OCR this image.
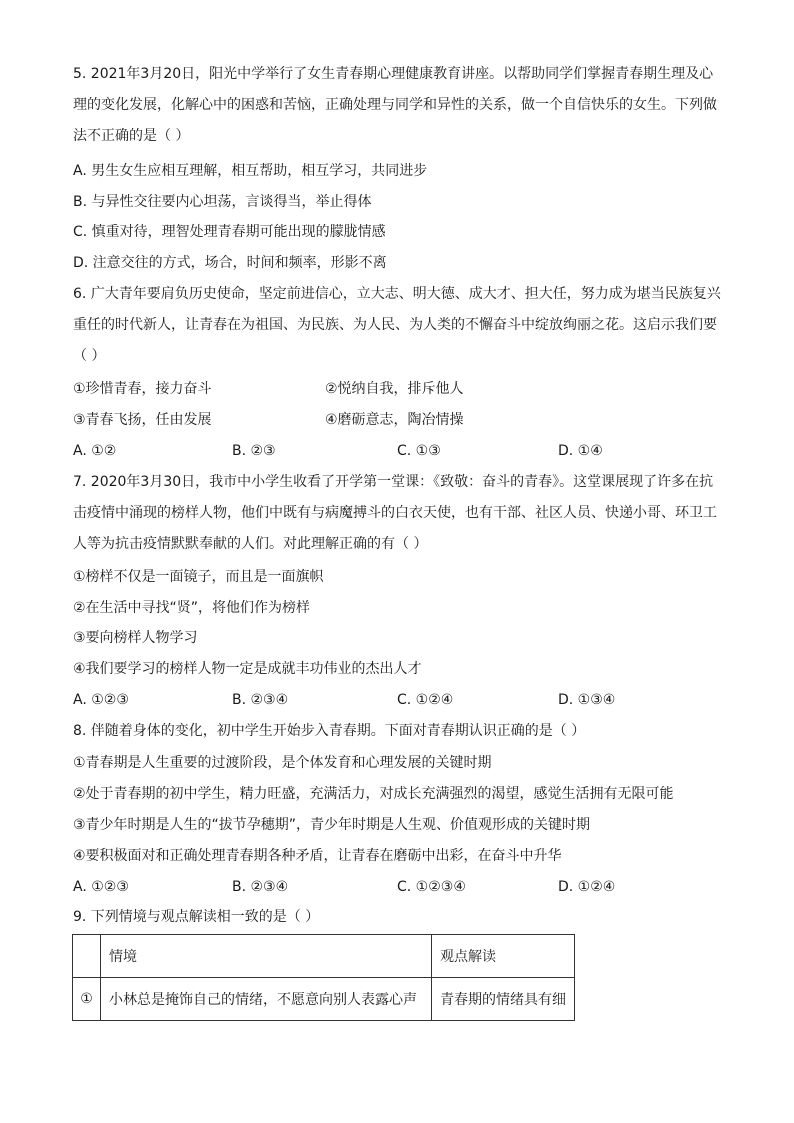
5. 2021年3月20日，阳光中学举行了女生青春期心理健康教育讲座。以帮助同学们掌握青春期生理及心理的变化发展，化解心中的困惑和苦恼，正确处理与同学和异性的关系，做一个自信快乐的女生。下列做法不正确的是（ ）

A. 男生女生应相互理解，相互帮助，相互学习，共同进步

B. 与异性交往要内心坦荡，言谈得当，举止得体

C. 慎重对待，理智处理青春期可能出现的朦胧情感

D. 注意交往的方式，场合，时间和频率，形影不离

6. 广大青年要肩负历史使命，坚定前进信心，立大志、明大德、成大才、担大任，努力成为堪当民族复兴重任的时代新人，让青春在为祖国、为民族、为人民、为人类的不懈奋斗中绽放绚丽之花。这启示我们要（ ）

①珍惜青春，接力奋斗	②悦纳自我，排斥他人
③青春飞扬，任由发展	④磨砺意志，陶冶情操
A. ①②	B. ②③	C. ①③	D. ①④

7. 2020年3月30日，我市中小学生收看了开学第一堂课：《致敬：奋斗的青春》。这堂课展现了许多在抗击疫情中涌现的榜样人物，他们中既有与病魔搏斗的白衣天使，也有干部、社区人员、快递小哥、环卫工人等为抗击疫情默默奉献的人们。对此理解正确的有（ ）

①榜样不仅是一面镜子，而且是一面旗帜

②在生活中寻找“贤”，将他们作为榜样

③要向榜样人物学习

④我们要学习的榜样人物一定是成就丰功伟业的杰出人才

A. ①②③	B. ②③④	C. ①②④	D. ①③④

8. 伴随着身体的变化，初中学生开始步入青春期。下面对青春期认识正确的是（ ）

①青春期是人生重要的过渡阶段，是个体发育和心理发展的关键时期

②处于青春期的初中学生，精力旺盛，充满活力，对成长充满强烈的渴望，感觉生活拥有无限可能

③青少年时期是人生的“拔节孕穗期”，青少年时期是人生观、价值观形成的关键时期

④要积极面对和正确处理青春期各种矛盾，让青春在磨砺中出彩，在奋斗中升华

A. ①②③	B. ②③④	C. ①②③④	D. ①②④

9. 下列情境与观点解读相一致的是（ ）

	情境	观点解读
①	小林总是掩饰自己的情绪，不愿意向别人表露心声	青春期的情绪具有细
